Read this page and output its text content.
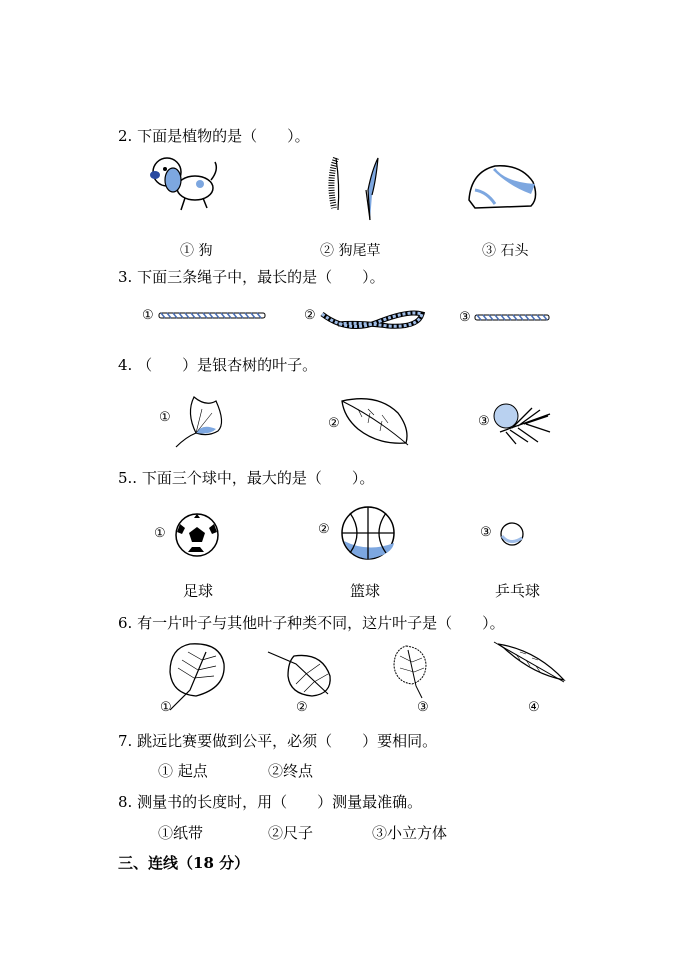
2. 下面是植物的是（　　）。
① 狗	② 狗尾草	③ 石头
3. 下面三条绳子中，最长的是（　　）。
①	②	③
4. （　　）是银杏树的叶子。
①	②	③
5.. 下面三个球中，最大的是（　　）。
①	②	③
足球	篮球	乒乓球
6. 有一片叶子与其他叶子种类不同，这片叶子是（　　）。
①	②	③	④
7. 跳远比赛要做到公平，必须（　　）要相同。
① 起点	②终点
8. 测量书的长度时，用（　　）测量最准确。
①纸带	②尺子	③小立方体
三、连线（18 分）
